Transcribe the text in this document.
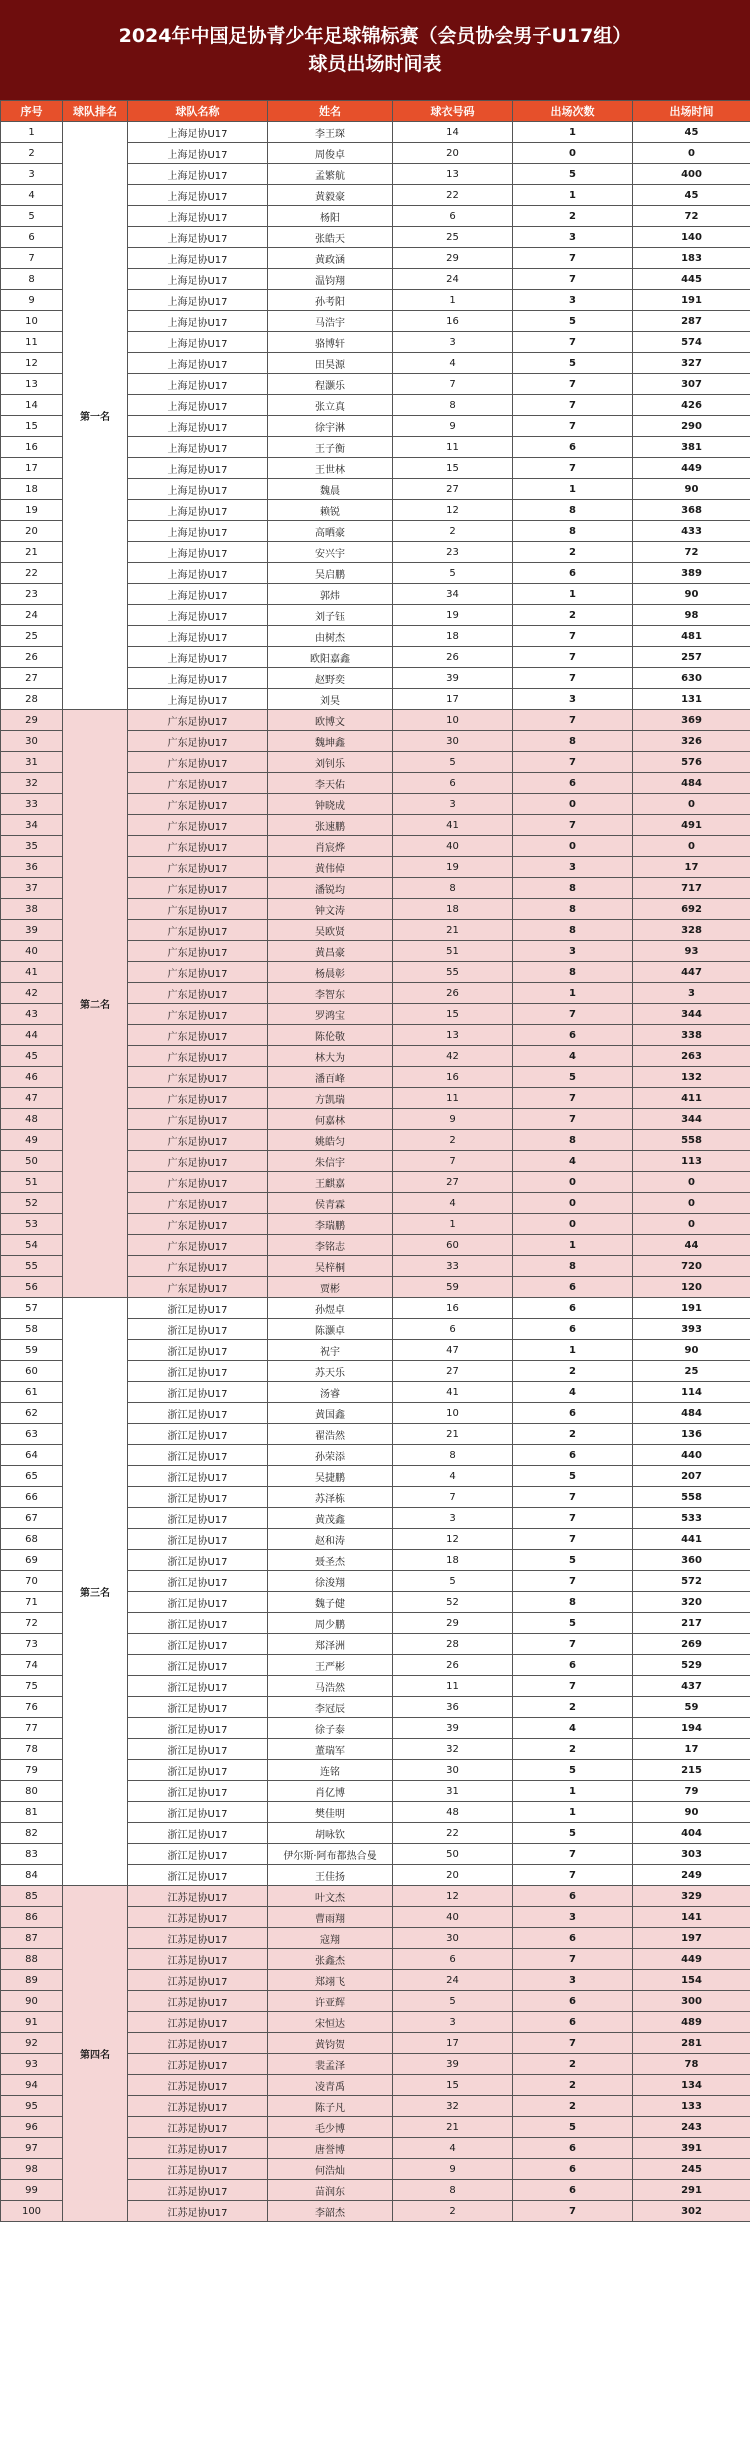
2024年中国足协青少年足球锦标赛（会员协会男子U17组）
球员出场时间表
序号	球队排名	球队名称	姓名	球衣号码	出场次数	出场时间
1	第一名	上海足协U17	李王琛	14	1	45
2		上海足协U17	周俊卓	20	0	0
3		上海足协U17	孟繁航	13	5	400
4		上海足协U17	黄毅豪	22	1	45
5		上海足协U17	杨阳	6	2	72
6		上海足协U17	张皓天	25	3	140
7		上海足协U17	黄政涵	29	7	183
8		上海足协U17	温钧翔	24	7	445
9		上海足协U17	孙考阳	1	3	191
10		上海足协U17	马浩宇	16	5	287
11		上海足协U17	骆博轩	3	7	574
12		上海足协U17	田昊源	4	5	327
13		上海足协U17	程灏乐	7	7	307
14		上海足协U17	张立真	8	7	426
15		上海足协U17	徐宇淋	9	7	290
16		上海足协U17	王子衡	11	6	381
17		上海足协U17	王世林	15	7	449
18		上海足协U17	魏晨	27	1	90
19		上海足协U17	赖锐	12	8	368
20		上海足协U17	高晒豪	2	8	433
21		上海足协U17	安兴宇	23	2	72
22		上海足协U17	吴启鹏	5	6	389
23		上海足协U17	郭炜	34	1	90
24		上海足协U17	刘子钰	19	2	98
25		上海足协U17	由树杰	18	7	481
26		上海足协U17	欧阳嘉鑫	26	7	257
27		上海足协U17	赵野奕	39	7	630
28		上海足协U17	刘昊	17	3	131
29	第二名	广东足协U17	欧博文	10	7	369
30		广东足协U17	魏坤鑫	30	8	326
31		广东足协U17	刘钊乐	5	7	576
32		广东足协U17	李天佑	6	6	484
33		广东足协U17	钟晓成	3	0	0
34		广东足协U17	张速鹏	41	7	491
35		广东足协U17	肖宸烨	40	0	0
36		广东足协U17	黄伟倬	19	3	17
37		广东足协U17	潘锐均	8	8	717
38		广东足协U17	钟文涛	18	8	692
39		广东足协U17	吴欧贤	21	8	328
40		广东足协U17	黄昌豪	51	3	93
41		广东足协U17	杨晨彰	55	8	447
42		广东足协U17	李智东	26	1	3
43		广东足协U17	罗鸿宝	15	7	344
44		广东足协U17	陈伦敬	13	6	338
45		广东足协U17	林大为	42	4	263
46		广东足协U17	潘百峰	16	5	132
47		广东足协U17	方凯瑞	11	7	411
48		广东足协U17	何嘉林	9	7	344
49		广东足协U17	姚皓匀	2	8	558
50		广东足协U17	朱信宇	7	4	113
51		广东足协U17	王麒嘉	27	0	0
52		广东足协U17	侯青霖	4	0	0
53		广东足协U17	李瑞鹏	1	0	0
54		广东足协U17	李铭志	60	1	44
55		广东足协U17	吴梓桐	33	8	720
56		广东足协U17	贾彬	59	6	120
57	第三名	浙江足协U17	孙煜卓	16	6	191
58		浙江足协U17	陈灏卓	6	6	393
59		浙江足协U17	祝宇	47	1	90
60		浙江足协U17	苏天乐	27	2	25
61		浙江足协U17	汤睿	41	4	114
62		浙江足协U17	黄国鑫	10	6	484
63		浙江足协U17	翟浩然	21	2	136
64		浙江足协U17	孙荣添	8	6	440
65		浙江足协U17	吴捷鹏	4	5	207
66		浙江足协U17	苏泽栋	7	7	558
67		浙江足协U17	黄茂鑫	3	7	533
68		浙江足协U17	赵和涛	12	7	441
69		浙江足协U17	聂圣杰	18	5	360
70		浙江足协U17	徐浚翔	5	7	572
71		浙江足协U17	魏子健	52	8	320
72		浙江足协U17	周少鹏	29	5	217
73		浙江足协U17	郑泽洲	28	7	269
74		浙江足协U17	王严彬	26	6	529
75		浙江足协U17	马浩然	11	7	437
76		浙江足协U17	李冠辰	36	2	59
77		浙江足协U17	徐子泰	39	4	194
78		浙江足协U17	董瑞军	32	2	17
79		浙江足协U17	连铭	30	5	215
80		浙江足协U17	肖亿博	31	1	79
81		浙江足协U17	樊佳明	48	1	90
82		浙江足协U17	胡咏钦	22	5	404
83		浙江足协U17	伊尔斯·阿布都热合曼	50	7	303
84		浙江足协U17	王佳扬	20	7	249
85	第四名	江苏足协U17	叶文杰	12	6	329
86		江苏足协U17	曹雨翔	40	3	141
87		江苏足协U17	寇翔	30	6	197
88		江苏足协U17	张鑫杰	6	7	449
89		江苏足协U17	郑翊飞	24	3	154
90		江苏足协U17	许亚辉	5	6	300
91		江苏足协U17	宋恒达	3	6	489
92		江苏足协U17	黄钧贺	17	7	281
93		江苏足协U17	裴孟泽	39	2	78
94		江苏足协U17	凌青禹	15	2	134
95		江苏足协U17	陈子凡	32	2	133
96		江苏足协U17	毛少博	21	5	243
97		江苏足协U17	唐誉博	4	6	391
98		江苏足协U17	何浩灿	9	6	245
99		江苏足协U17	苗润东	8	6	291
100		江苏足协U17	李韶杰	2	7	302
